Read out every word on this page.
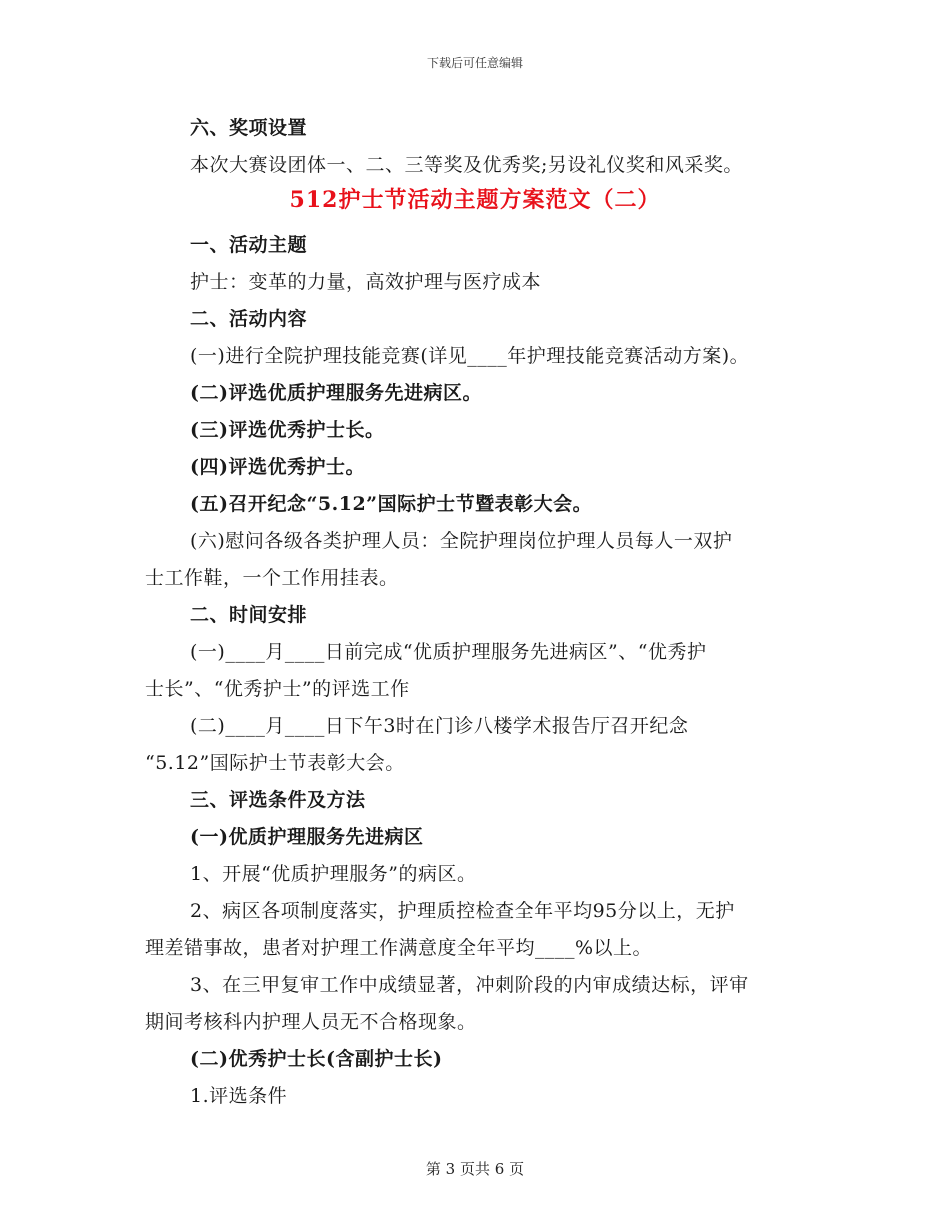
下载后可任意编辑
六、奖项设置
本次大赛设团体一、二、三等奖及优秀奖;另设礼仪奖和风采奖。
512护士节活动主题方案范文（二）
一、活动主题
护士：变革的力量，高效护理与医疗成本
二、活动内容
(一)进行全院护理技能竞赛(详见____年护理技能竞赛活动方案)。
(二)评选优质护理服务先进病区。
(三)评选优秀护士长。
(四)评选优秀护士。
(五)召开纪念“5.12”国际护士节暨表彰大会。
(六)慰问各级各类护理人员：全院护理岗位护理人员每人一双护
士工作鞋，一个工作用挂表。
二、时间安排
(一)____月____日前完成“优质护理服务先进病区”、“优秀护
士长”、“优秀护士”的评选工作
(二)____月____日下午3时在门诊八楼学术报告厅召开纪念
“5.12”国际护士节表彰大会。
三、评选条件及方法
(一)优质护理服务先进病区
1、开展“优质护理服务”的病区。
2、病区各项制度落实，护理质控检查全年平均95分以上，无护
理差错事故，患者对护理工作满意度全年平均____%以上。
3、在三甲复审工作中成绩显著，冲刺阶段的内审成绩达标，评审
期间考核科内护理人员无不合格现象。
(二)优秀护士长(含副护士长)
1.评选条件
第 3 页共 6 页
